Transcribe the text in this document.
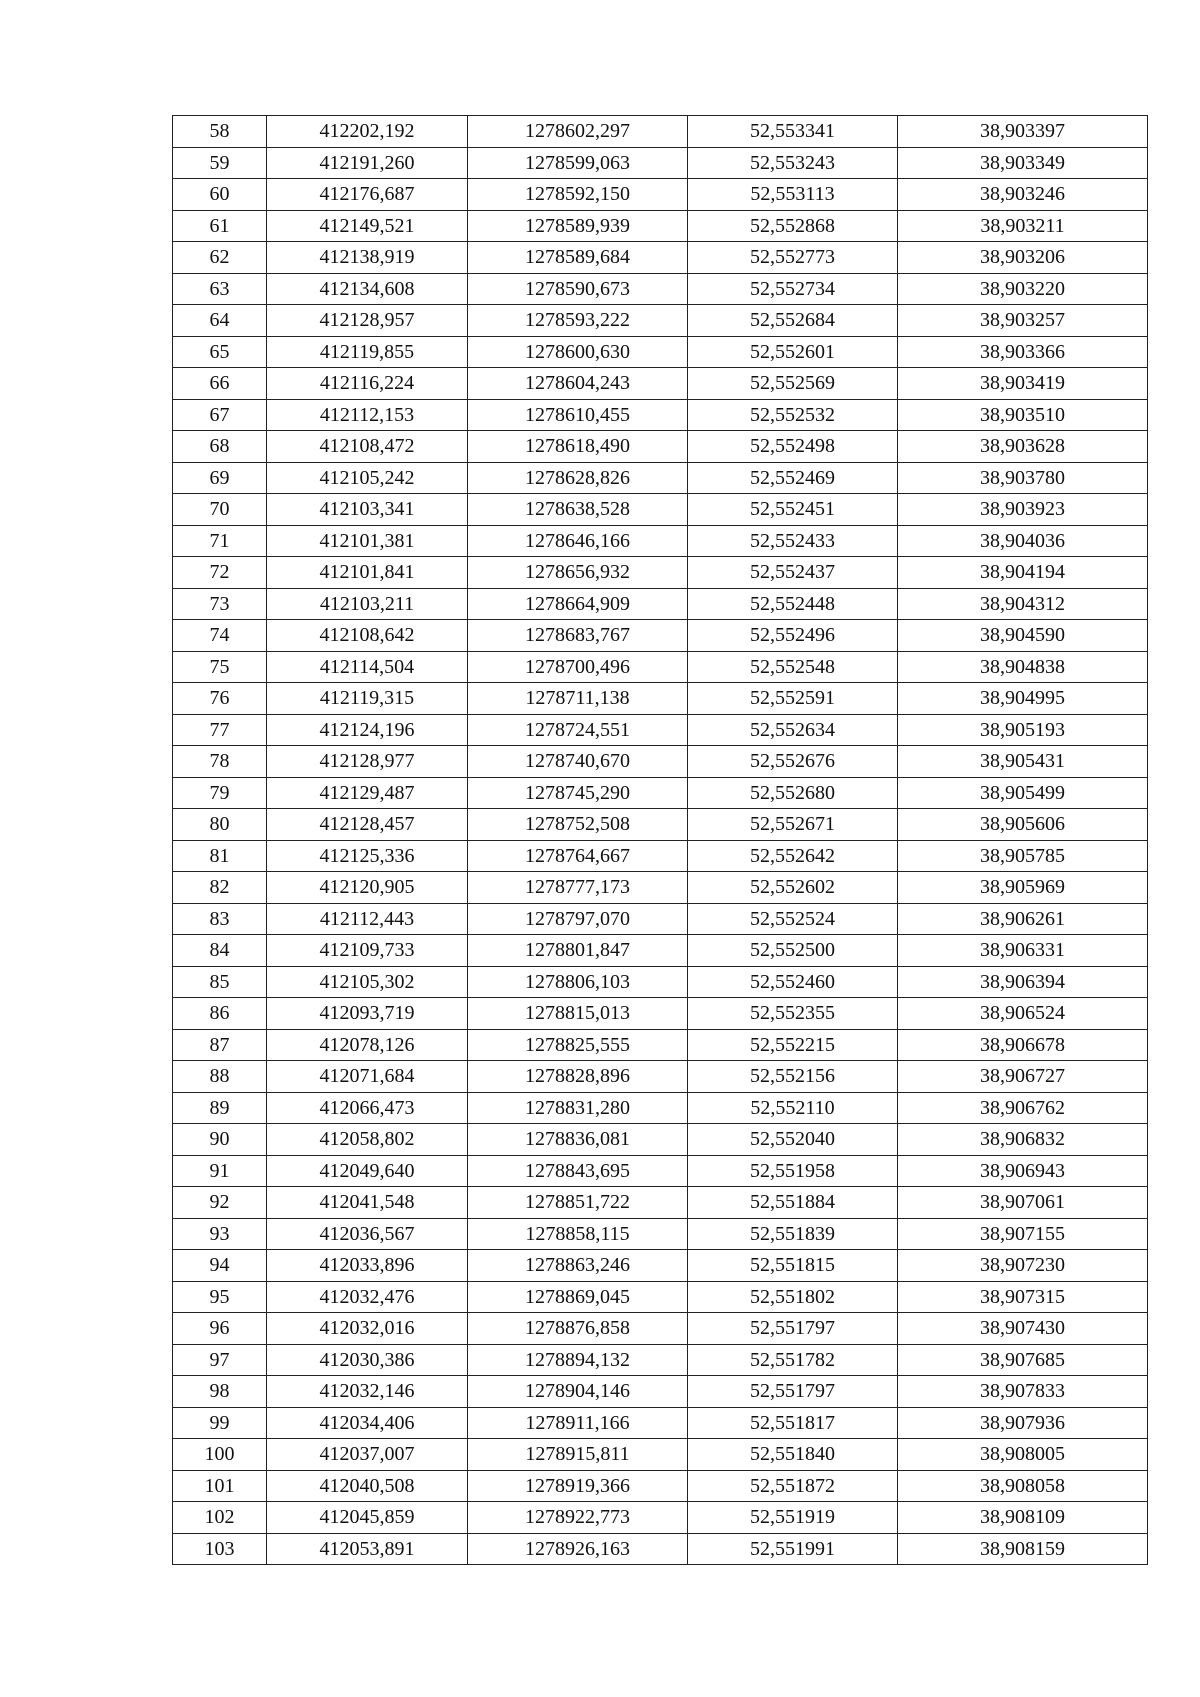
58	412202,192	1278602,297	52,553341	38,903397
59	412191,260	1278599,063	52,553243	38,903349
60	412176,687	1278592,150	52,553113	38,903246
61	412149,521	1278589,939	52,552868	38,903211
62	412138,919	1278589,684	52,552773	38,903206
63	412134,608	1278590,673	52,552734	38,903220
64	412128,957	1278593,222	52,552684	38,903257
65	412119,855	1278600,630	52,552601	38,903366
66	412116,224	1278604,243	52,552569	38,903419
67	412112,153	1278610,455	52,552532	38,903510
68	412108,472	1278618,490	52,552498	38,903628
69	412105,242	1278628,826	52,552469	38,903780
70	412103,341	1278638,528	52,552451	38,903923
71	412101,381	1278646,166	52,552433	38,904036
72	412101,841	1278656,932	52,552437	38,904194
73	412103,211	1278664,909	52,552448	38,904312
74	412108,642	1278683,767	52,552496	38,904590
75	412114,504	1278700,496	52,552548	38,904838
76	412119,315	1278711,138	52,552591	38,904995
77	412124,196	1278724,551	52,552634	38,905193
78	412128,977	1278740,670	52,552676	38,905431
79	412129,487	1278745,290	52,552680	38,905499
80	412128,457	1278752,508	52,552671	38,905606
81	412125,336	1278764,667	52,552642	38,905785
82	412120,905	1278777,173	52,552602	38,905969
83	412112,443	1278797,070	52,552524	38,906261
84	412109,733	1278801,847	52,552500	38,906331
85	412105,302	1278806,103	52,552460	38,906394
86	412093,719	1278815,013	52,552355	38,906524
87	412078,126	1278825,555	52,552215	38,906678
88	412071,684	1278828,896	52,552156	38,906727
89	412066,473	1278831,280	52,552110	38,906762
90	412058,802	1278836,081	52,552040	38,906832
91	412049,640	1278843,695	52,551958	38,906943
92	412041,548	1278851,722	52,551884	38,907061
93	412036,567	1278858,115	52,551839	38,907155
94	412033,896	1278863,246	52,551815	38,907230
95	412032,476	1278869,045	52,551802	38,907315
96	412032,016	1278876,858	52,551797	38,907430
97	412030,386	1278894,132	52,551782	38,907685
98	412032,146	1278904,146	52,551797	38,907833
99	412034,406	1278911,166	52,551817	38,907936
100	412037,007	1278915,811	52,551840	38,908005
101	412040,508	1278919,366	52,551872	38,908058
102	412045,859	1278922,773	52,551919	38,908109
103	412053,891	1278926,163	52,551991	38,908159
